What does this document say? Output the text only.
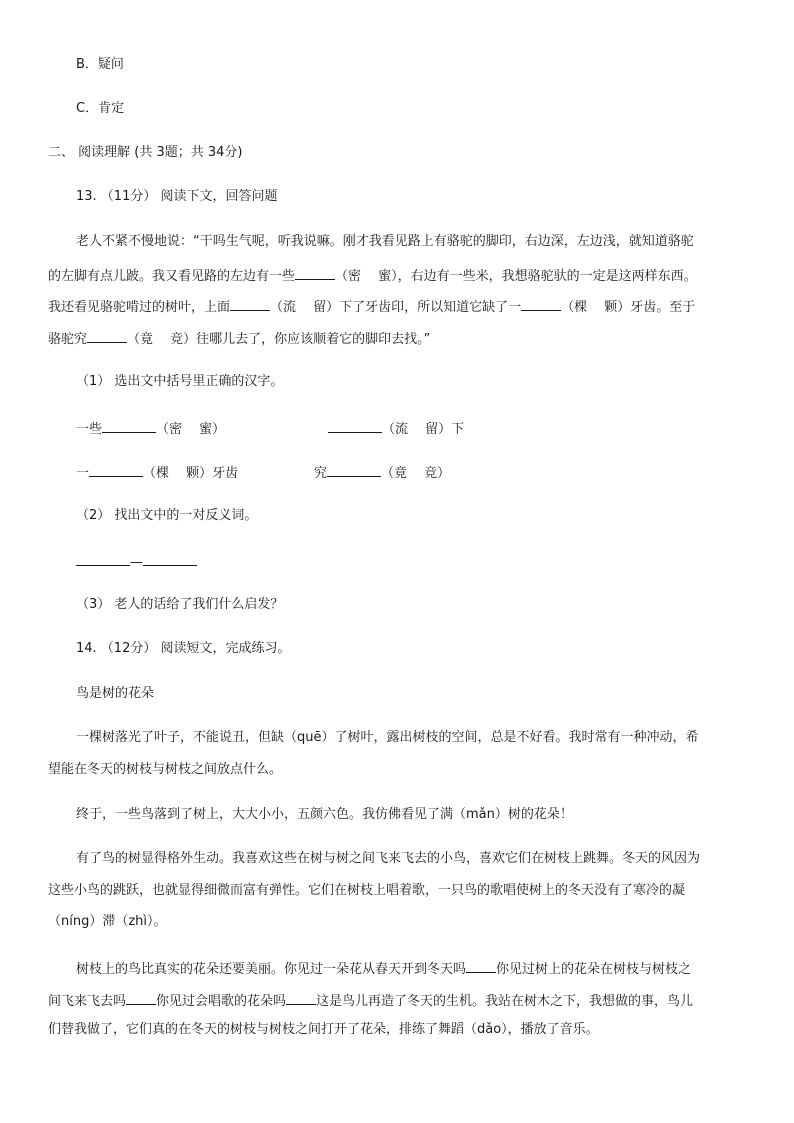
B．疑问
C．肯定
二、 阅读理解 (共 3题；共 34分)
13. （11分） 阅读下文，回答问题
老人不紧不慢地说：“干吗生气呢，听我说嘛。刚才我看见路上有骆驼的脚印，右边深，左边浅，就知道骆驼
的左脚有点儿跛。我又看见路的左边有一些	（密　 蜜），右边有一些米，我想骆驼驮的一定是这两样东西。
我还看见骆驼啃过的树叶，上面	（流　 留）下了牙齿印，所以知道它缺了一	（棵　 颗）牙齿。至于
骆驼究	（竟　 竞）往哪儿去了，你应该顺着它的脚印去找。”
（1） 选出文中括号里正确的汉字。
一些	（密　 蜜）	（流　 留）下
一	（棵　 颗）牙齿	究	（竟　 竞）
（2） 找出文中的一对反义词。
—
（3） 老人的话给了我们什么启发？
14. （12分） 阅读短文，完成练习。
鸟是树的花朵
一棵树落光了叶子，不能说丑，但缺（quē）了树叶，露出树枝的空间，总是不好看。我时常有一种冲动，希
望能在冬天的树枝与树枝之间放点什么。
终于，一些鸟落到了树上，大大小小，五颜六色。我仿佛看见了满（mǎn）树的花朵！
有了鸟的树显得格外生动。我喜欢这些在树与树之间飞来飞去的小鸟，喜欢它们在树枝上跳舞。冬天的风因为
这些小鸟的跳跃，也就显得细微而富有弹性。它们在树枝上唱着歌，一只鸟的歌唱使树上的冬天没有了寒冷的凝
（níng）滞（zhì）。
树枝上的鸟比真实的花朵还要美丽。你见过一朵花从春天开到冬天吗 你见过树上的花朵在树枝与树枝之
间飞来飞去吗 你见过会唱歌的花朵吗 这是鸟儿再造了冬天的生机。我站在树木之下，我想做的事，鸟儿
们替我做了，它们真的在冬天的树枝与树枝之间打开了花朵，排练了舞蹈（dǎo），播放了音乐。
